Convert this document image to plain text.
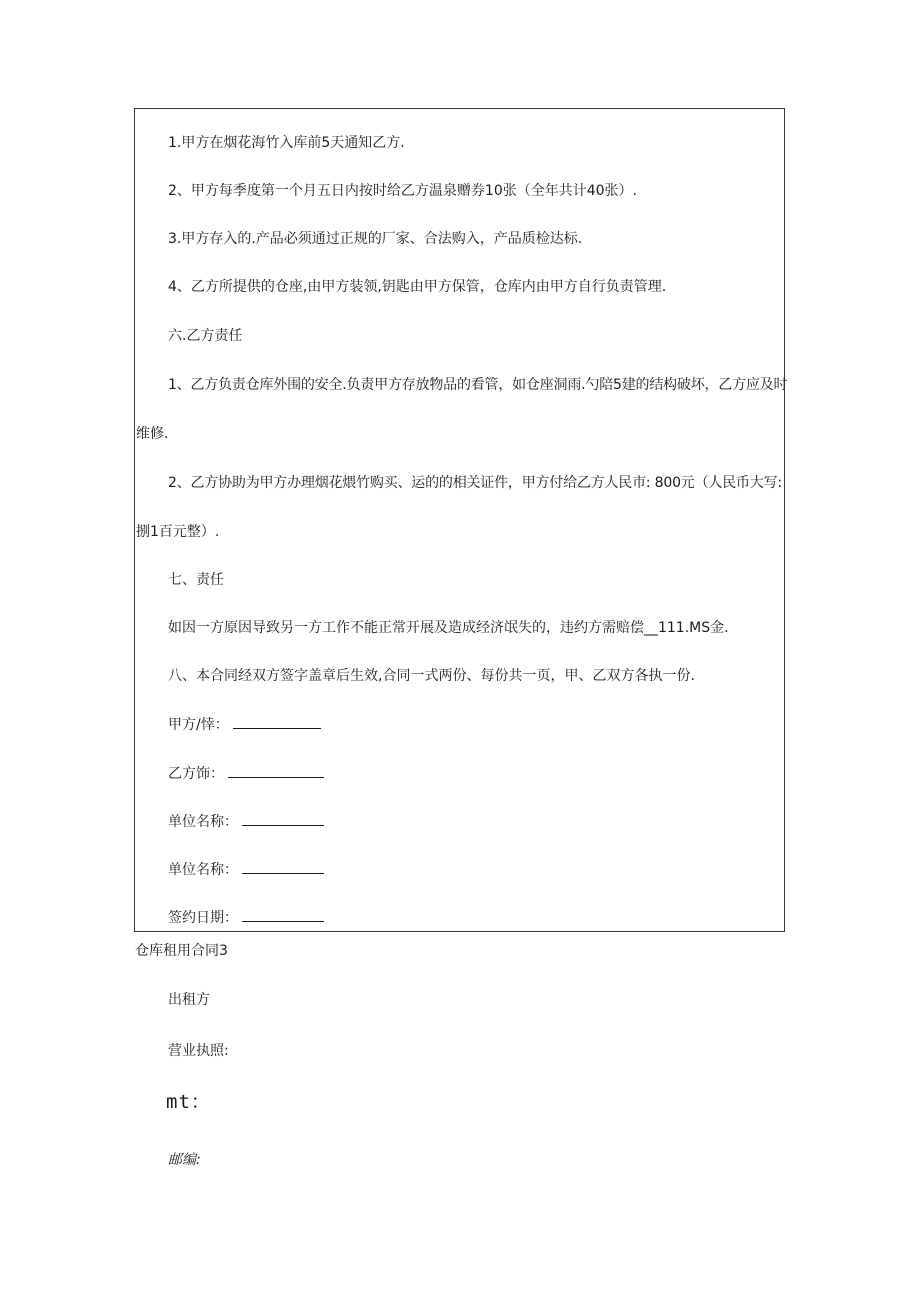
1.甲方在烟花海竹入库前5天通知乙方.
2、甲方每季度第一个月五日内按时给乙方温泉赠券10张（全年共计40张）.
3.甲方存入的.产品必须通过正规的厂家、合法购入，产品质检达标.
4、乙方所提供的仓座,由甲方装领,钥匙由甲方保管，仓库内由甲方自行负责管理.
六.乙方责任
1、乙方负责仓库外围的安全.负责甲方存放物品的看管，如仓座洞雨.勺陪5建的结构破坏，乙方应及时
维修.
2、乙方协助为甲方办理烟花煨竹购买、运的的相关证件，甲方付给乙方人民市: 800元（人民币大写:
捌1百元整）.
七、责任
如因一方原因导致另一方工作不能正常开展及造成经济氓失的，违约方需赔偿__111.MS金.
八、本合同经双方签字盖章后生效,合同一式两份、每份共一页，甲、乙双方各执一份.
甲方/悻：
乙方饰：
单位名称：
单位名称：
签约日期：
仓库租用合同3
出租方
营业执照:
mt：
邮编:
